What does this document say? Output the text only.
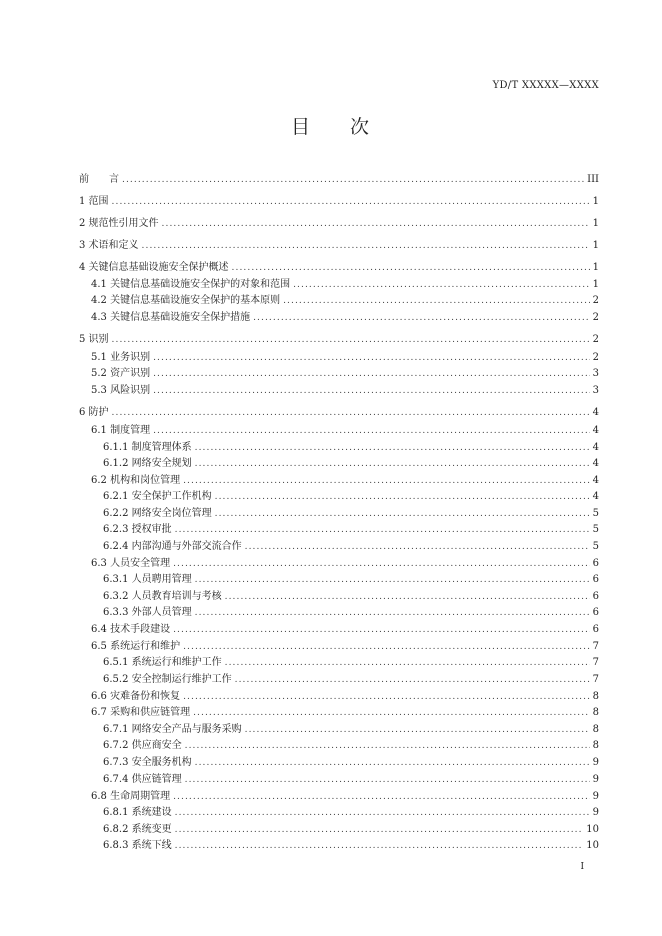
YD/T XXXXX—XXXX
目 次
前　　言 .....	III
1 范围 .....	1
2 规范性引用文件 .....	1
3 术语和定义 .....	1
4 关键信息基础设施安全保护概述 .....	1
4.1 关键信息基础设施安全保护的对象和范围 .....	1
4.2 关键信息基础设施安全保护的基本原则 .....	2
4.3 关键信息基础设施安全保护措施 .....	2
5 识别 .....	2
5.1 业务识别 .....	2
5.2 资产识别 .....	3
5.3 风险识别 .....	3
6 防护 .....	4
6.1 制度管理 .....	4
6.1.1 制度管理体系 .....	4
6.1.2 网络安全规划 .....	4
6.2 机构和岗位管理 .....	4
6.2.1 安全保护工作机构 .....	4
6.2.2 网络安全岗位管理 .....	5
6.2.3 授权审批 .....	5
6.2.4 内部沟通与外部交流合作 .....	5
6.3 人员安全管理 .....	6
6.3.1 人员聘用管理 .....	6
6.3.2 人员教育培训与考核 .....	6
6.3.3 外部人员管理 .....	6
6.4 技术手段建设 .....	6
6.5 系统运行和维护 .....	7
6.5.1 系统运行和维护工作 .....	7
6.5.2 安全控制运行维护工作 .....	7
6.6 灾难备份和恢复 .....	8
6.7 采购和供应链管理 .....	8
6.7.1 网络安全产品与服务采购 .....	8
6.7.2 供应商安全 .....	8
6.7.3 安全服务机构 .....	9
6.7.4 供应链管理 .....	9
6.8 生命周期管理 .....	9
6.8.1 系统建设 .....	9
6.8.2 系统变更 .....	10
6.8.3 系统下线 .....	10
I
